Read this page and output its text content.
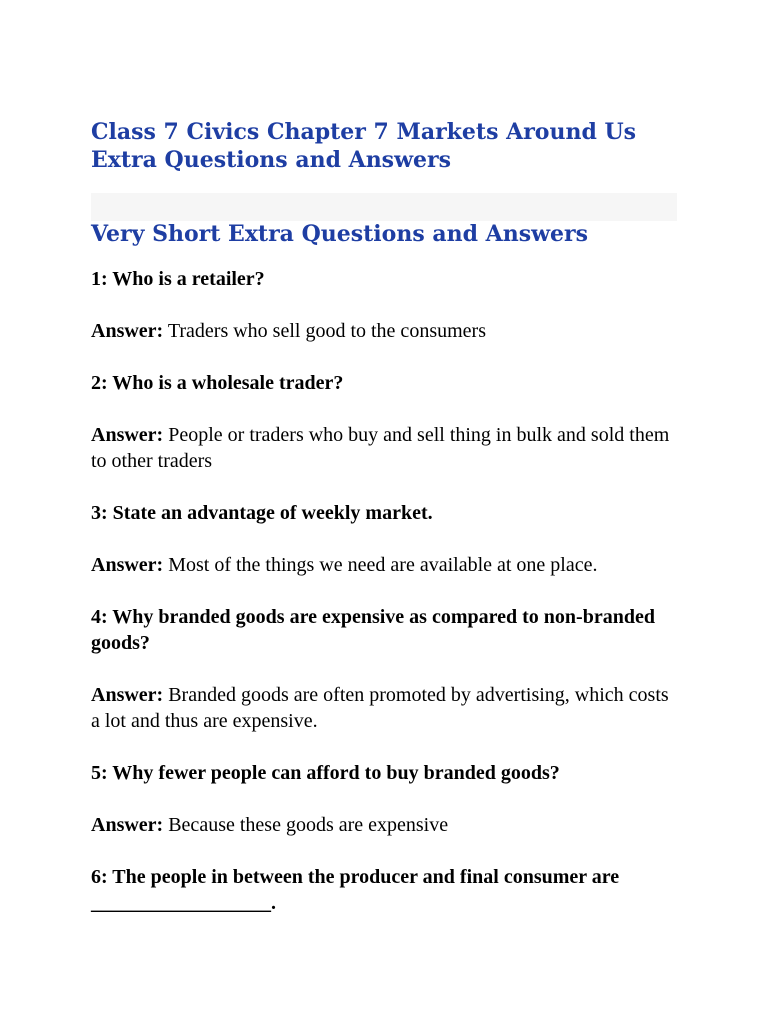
Class 7 Civics Chapter 7 Markets Around Us Extra Questions and Answers
Very Short Extra Questions and Answers

1: Who is a retailer?

Answer: Traders who sell good to the consumers

2: Who is a wholesale trader?

Answer: People or traders who buy and sell thing in bulk and sold them to other traders

3: State an advantage of weekly market.

Answer: Most of the things we need are available at one place.

4: Why branded goods are expensive as compared to non-branded goods?

Answer: Branded goods are often promoted by advertising, which costs a lot and thus are expensive.

5: Why fewer people can afford to buy branded goods?

Answer: Because these goods are expensive

6: The people in between the producer and final consumer are __________________.
